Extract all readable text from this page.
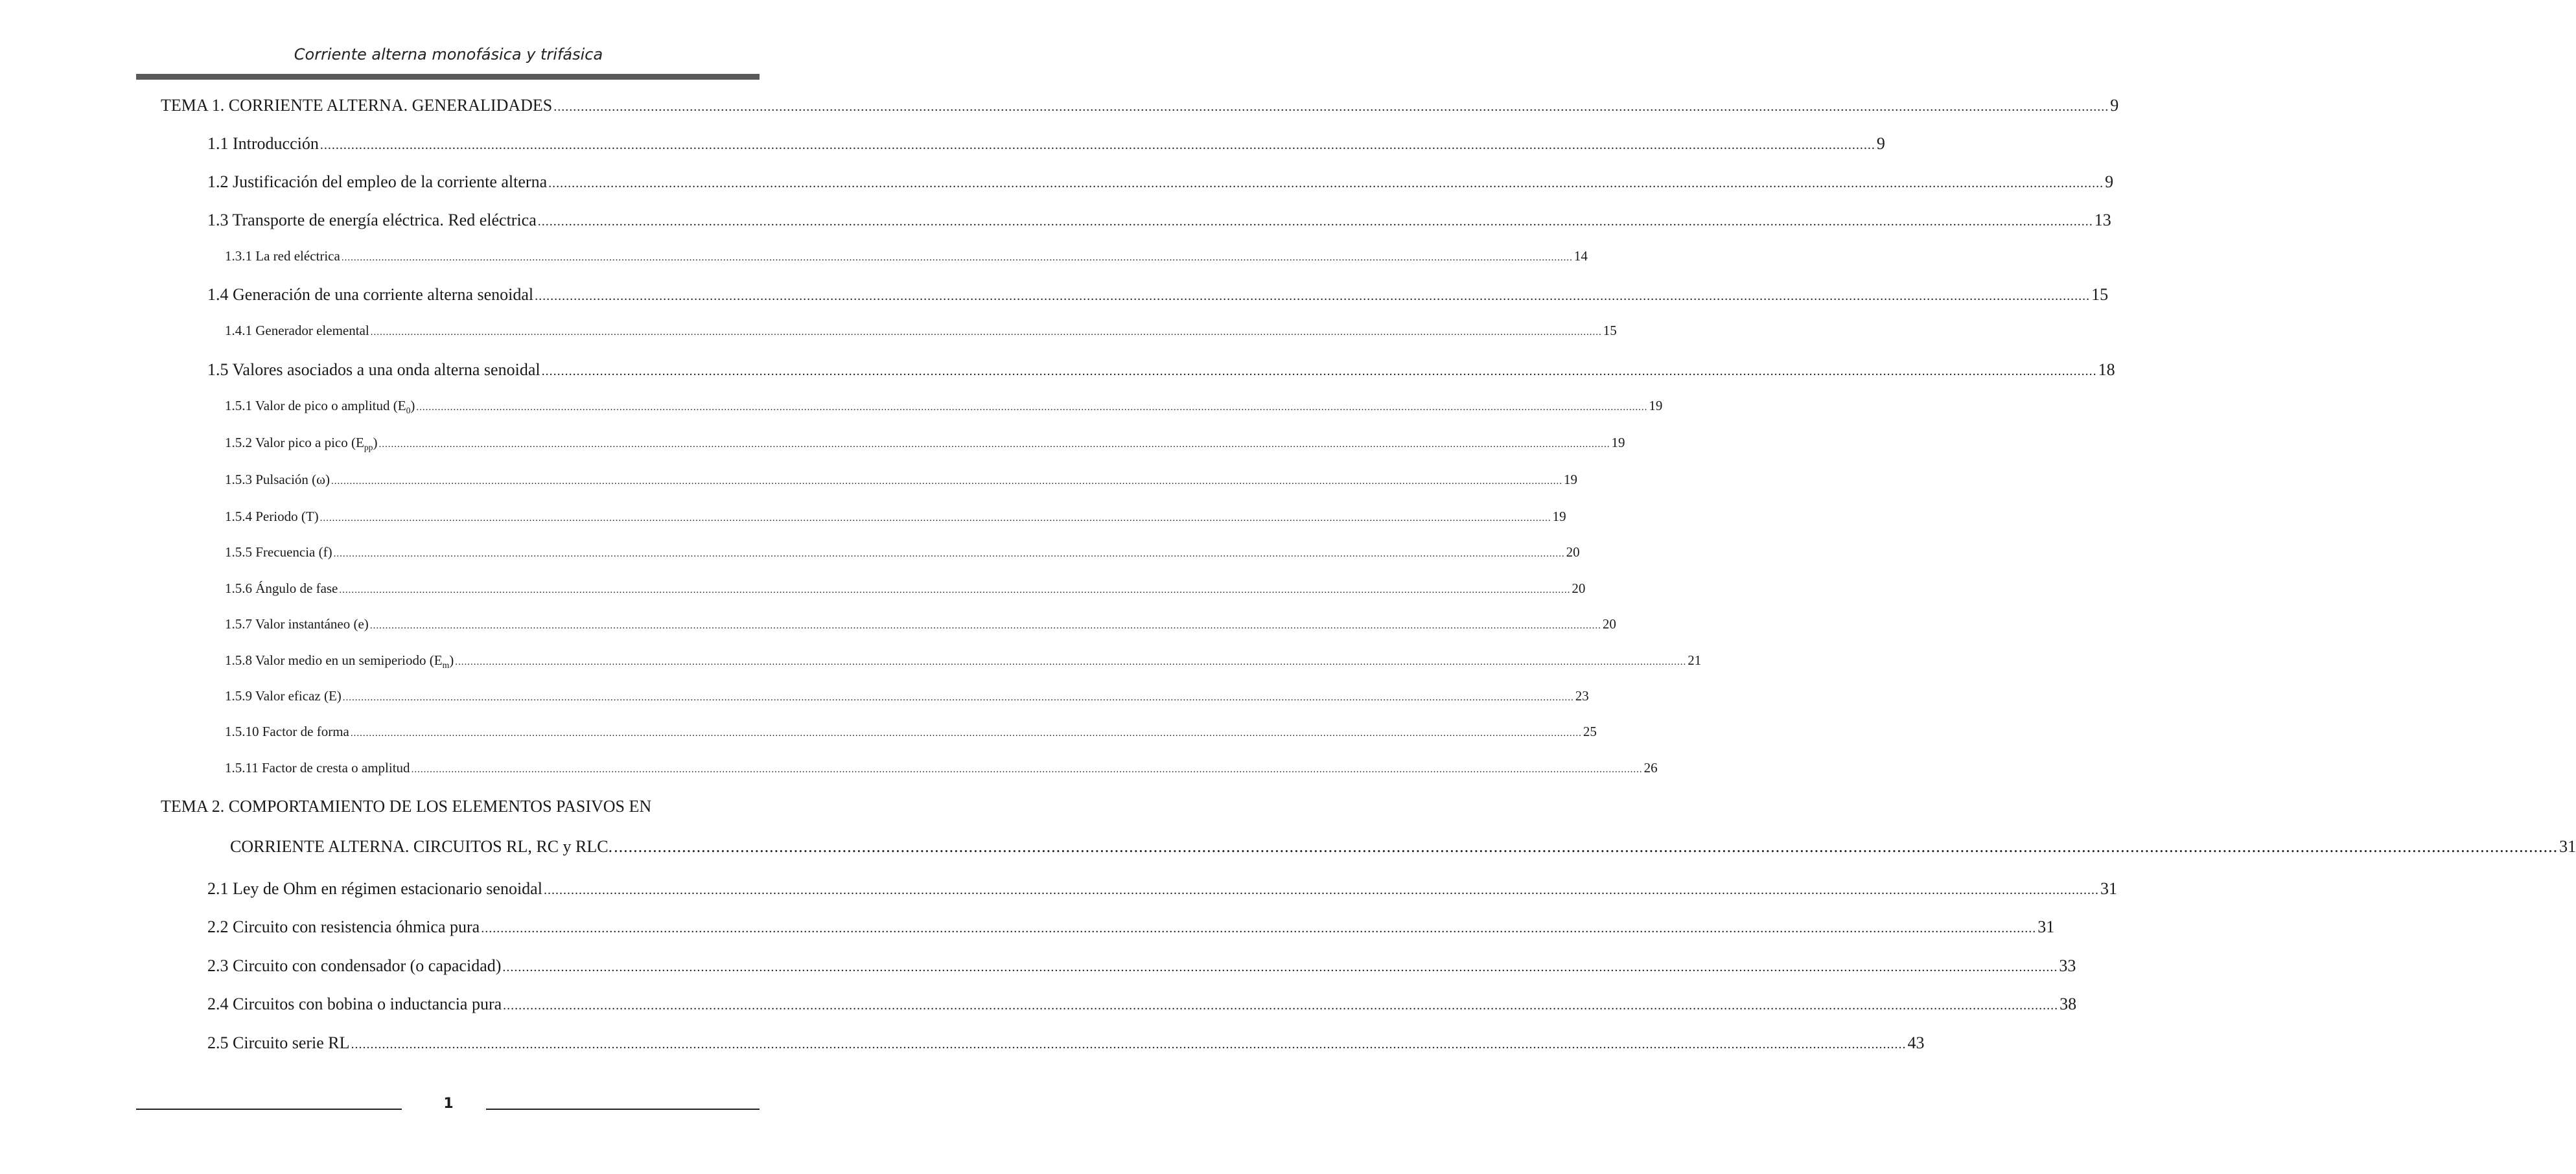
Corriente alterna monofásica y trifásica
TEMA 1. CORRIENTE ALTERNA. GENERALIDADES ................................................................................................................................................................................................................................................................................................................................................................................................................ 9
1.1 Introducción ................................................................................................................................................................................................................................................................................................................................................................................................................ 9
1.2 Justificación del empleo de la corriente alterna ................................................................................................................................................................................................................................................................................................................................................................................................................ 9
1.3 Transporte de energía eléctrica. Red eléctrica ................................................................................................................................................................................................................................................................................................................................................................................................................ 13
1.3.1 La red eléctrica ................................................................................................................................................................................................................................................................................................................................................................................................................ 14
1.4 Generación de una corriente alterna senoidal ................................................................................................................................................................................................................................................................................................................................................................................................................ 15
1.4.1 Generador elemental ................................................................................................................................................................................................................................................................................................................................................................................................................ 15
1.5 Valores asociados a una onda alterna senoidal ................................................................................................................................................................................................................................................................................................................................................................................................................ 18
1.5.1 Valor de pico o amplitud $(E_0)$ ................................................................................................................................................................................................................................................................................................................................................................................................................ 19
1.5.2 Valor pico a pico $(E_{pp})$ ................................................................................................................................................................................................................................................................................................................................................................................................................ 19
1.5.3 Pulsación (ω) ................................................................................................................................................................................................................................................................................................................................................................................................................ 19
1.5.4 Periodo (T) ................................................................................................................................................................................................................................................................................................................................................................................................................ 19
1.5.5 Frecuencia (f) ................................................................................................................................................................................................................................................................................................................................................................................................................ 20
1.5.6 Ángulo de fase ................................................................................................................................................................................................................................................................................................................................................................................................................ 20
1.5.7 Valor instantáneo (e) ................................................................................................................................................................................................................................................................................................................................................................................................................ 20
1.5.8 Valor medio en un semiperiodo $(E_m)$ ................................................................................................................................................................................................................................................................................................................................................................................................................ 21
1.5.9 Valor eficaz (E) ................................................................................................................................................................................................................................................................................................................................................................................................................ 23
1.5.10 Factor de forma ................................................................................................................................................................................................................................................................................................................................................................................................................ 25
1.5.11 Factor de cresta o amplitud ................................................................................................................................................................................................................................................................................................................................................................................................................ 26
TEMA 2. COMPORTAMIENTO DE LOS ELEMENTOS PASIVOS EN
CORRIENTE ALTERNA. CIRCUITOS RL, RC y RLC. ................................................................................................................................................................................................................................................................................................................................................................................................................ 31
2.1 Ley de Ohm en régimen estacionario senoidal ................................................................................................................................................................................................................................................................................................................................................................................................................ 31
2.2 Circuito con resistencia óhmica pura ................................................................................................................................................................................................................................................................................................................................................................................................................ 31
2.3 Circuito con condensador (o capacidad) ................................................................................................................................................................................................................................................................................................................................................................................................................ 33
2.4 Circuitos con bobina o inductancia pura ................................................................................................................................................................................................................................................................................................................................................................................................................ 38
2.5 Circuito serie RL ................................................................................................................................................................................................................................................................................................................................................................................................................ 43
1
